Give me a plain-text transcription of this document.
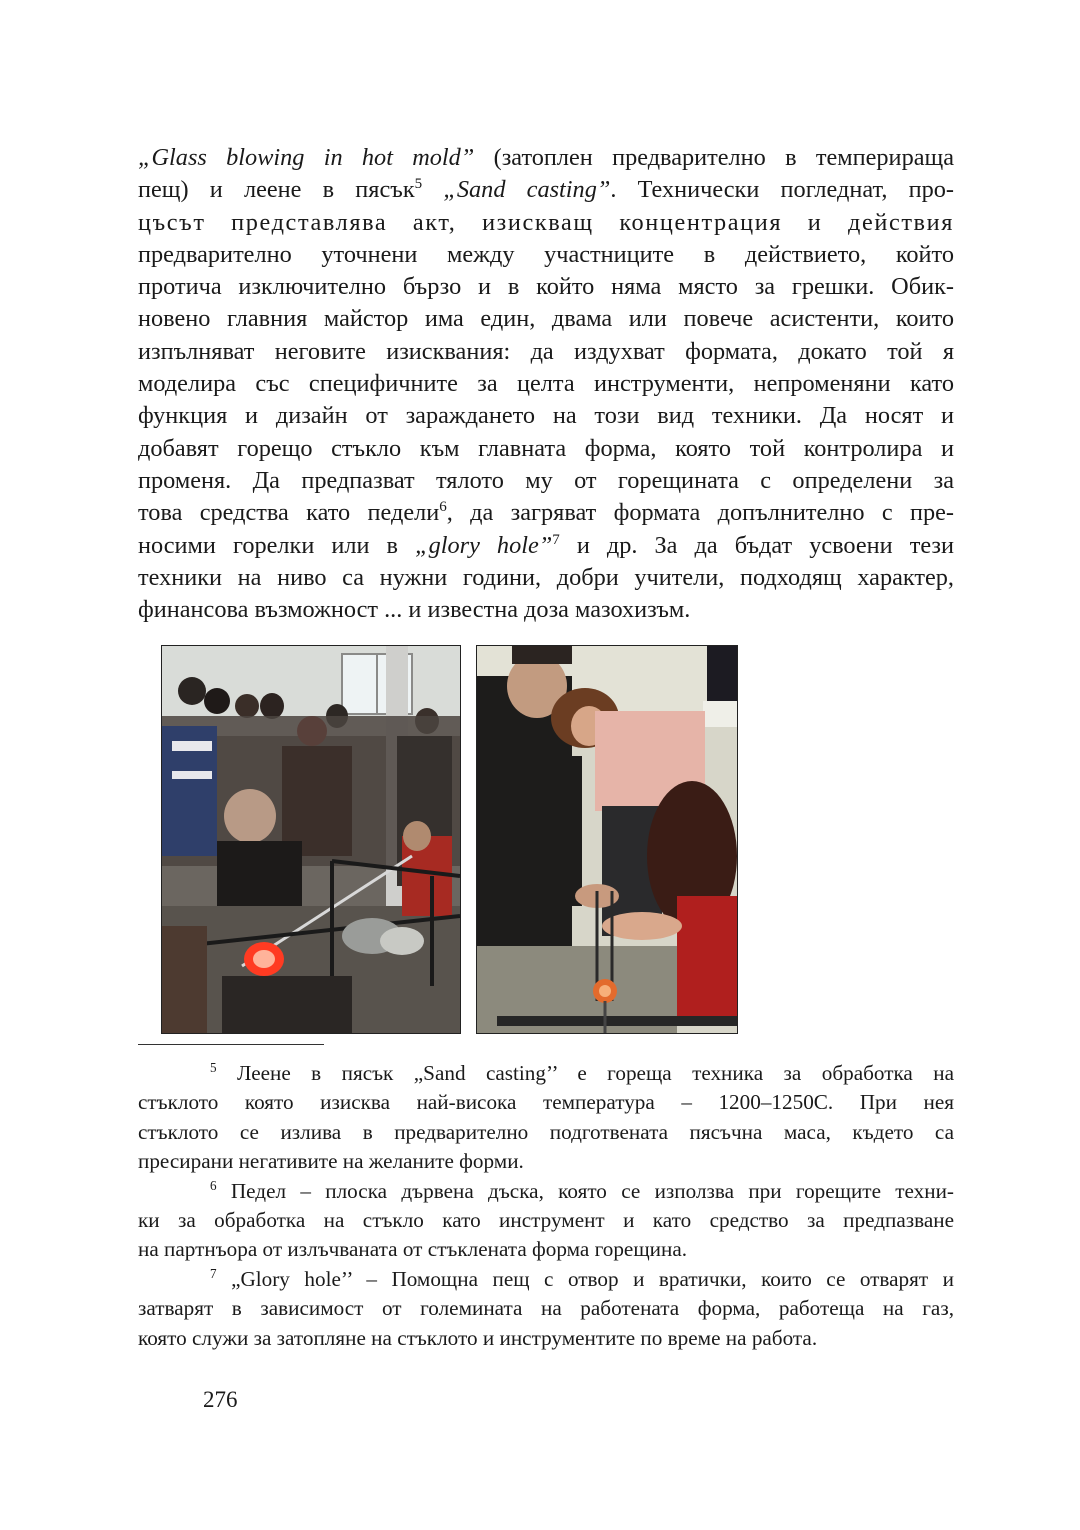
„Glass blowing in hot mold” (затоплен предварително в темперираща
пещ) и леене в пясък$^5$ „Sand casting”. Технически погледнат, про-
цъсът представлява акт, изискващ концентрация и действия
предварително уточнени между участниците в действието, който
протича изключително бързо и в който няма място за грешки. Обик-
новено главния майстор има един, двама или повече асистенти, които
изпълняват неговите изисквания: да издухват формата, докато той я
моделира със специфичните за целта инструменти, непроменяни като
функция и дизайн от зараждането на този вид техники. Да носят и
добавят горещо стъкло към главната форма, която той контролира и
променя. Да предпазват тялото му от горещината с определени за
това средства като педели$^6$, да загряват формата допълнително с пре-
носими горелки или в „glory hole”$^7$ и др. За да бъдат усвоени тези
техники на ниво са нужни години, добри учители, подходящ характер,
финансова възможност ... и известна доза мазохизъм.
$^5$ Леене в пясък „Sand casting’’ е гореща техника за обработка на
стъклото която изисква най-висока температура – 1200–1250С. При нея
стъклото се излива в предварително подготвената пясъчна маса, където са
пресирани негативите на желаните форми.
$^6$ Педел – плоска дървена дъска, която се използва при горещите техни-
ки за обработка на стъкло като инструмент и като средство за предпазване
на партнъора от излъчваната от стъклената форма горещина.
$^7$ „Glory hole’’ – Помощна пещ с отвор и вратички, които се отварят и
затварят в зависимост от големината на работената форма, работеща на газ,
която служи за затопляне на стъклото и инструментите по време на работа.
276
